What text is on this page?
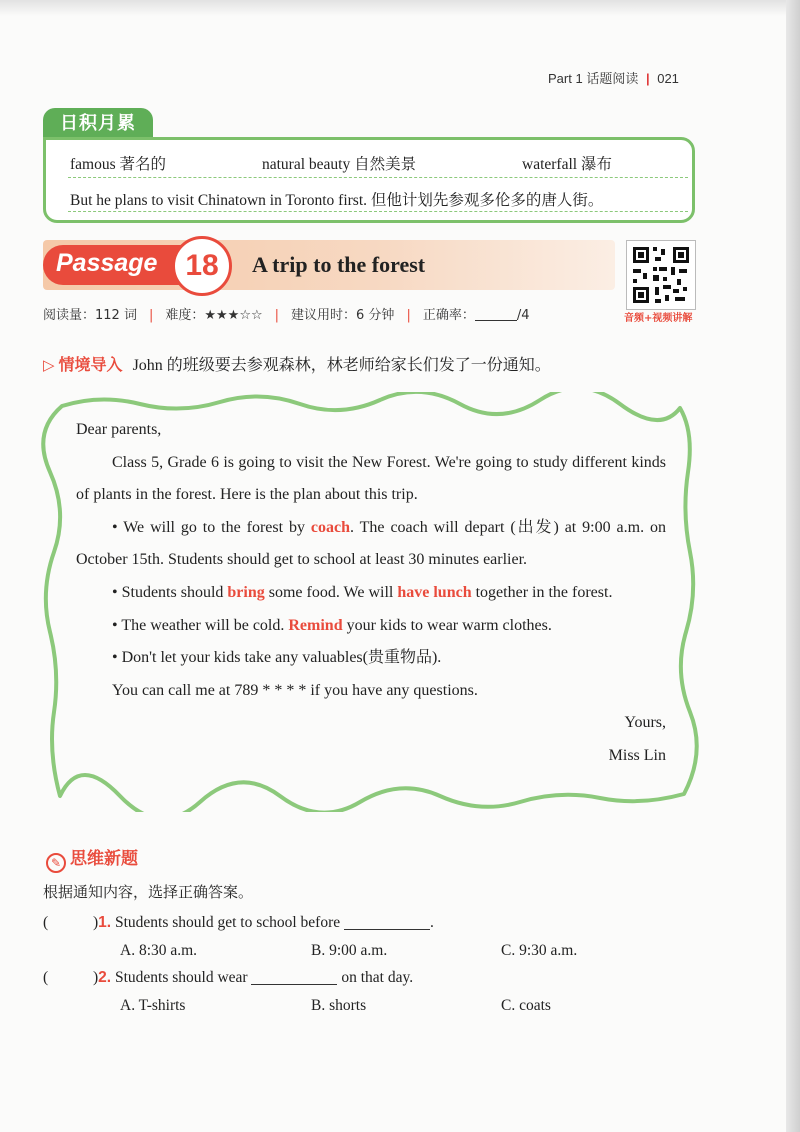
Part 1 话题阅读 | 021
日积月累
famous 著名的	natural beauty 自然美景	waterfall 瀑布
But he plans to visit Chinatown in Toronto first. 但他计划先参观多伦多的唐人街。
Passage 18	A trip to the forest
音频+视频讲解
阅读量：112 词 | 难度：★★★☆☆ | 建议用时：6 分钟 | 正确率：	/4
▷ 情境导入 John 的班级要去参观森林，林老师给家长们发了一份通知。

Dear parents,

Class 5, Grade 6 is going to visit the New Forest. We're going to study different kinds of plants in the forest. Here is the plan about this trip.

• We will go to the forest by coach. The coach will depart (出发) at 9:00 a.m. on October 15th. Students should get to school at least 30 minutes earlier.

• Students should bring some food. We will have lunch together in the forest.

• The weather will be cold. Remind your kids to wear warm clothes.

• Don't let your kids take any valuables(贵重物品).

You can call me at 789 * * * * if you have any questions.

Yours,

Miss Lin

✎ 思维新题
根据通知内容，选择正确答案。
(	)1. Students should get to school before	.
A. 8:30 a.m.	B. 9:00 a.m.	C. 9:30 a.m.
(	)2. Students should wear	on that day.
A. T-shirts	B. shorts	C. coats
